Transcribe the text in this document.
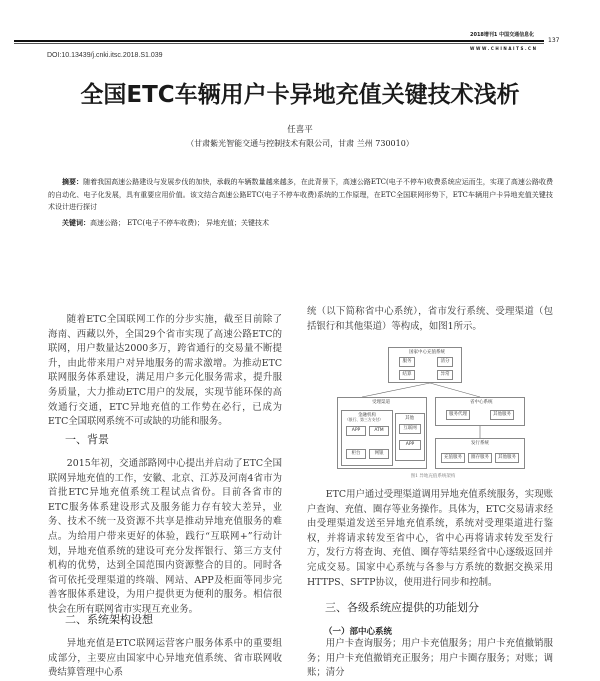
2018增刊1 中国交通信息化
WWW.CHINAITS.CN
137
DOI:10.13439/j.cnki.itsc.2018.S1.039
全国ETC车辆用户卡异地充值关键技术浅析
任喜平
（甘肃紫光智能交通与控制技术有限公司，甘肃 兰州 730010）
摘要：随着我国高速公路建设与发展步伐的加快，承载的车辆数量越来越多，在此背景下，高速公路ETC(电子不停车)收费系统应运而生，实现了高速公路收费的自动化、电子化发展，具有重要应用价值。该文结合高速公路ETC(电子不停车收费)系统的工作原理，在ETC全国联网形势下，ETC车辆用户卡异地充值关键技术设计进行探讨
关键词：高速公路； ETC(电子不停车收费)； 异地充值；关键技术
随着ETC全国联网工作的分步实施，截至目前除了海南、西藏以外，全国29个省市实现了高速公路ETC的联网，用户数量达2000多万，跨省通行的交易量不断提升，由此带来用户对异地服务的需求激增。为推动ETC联网服务体系建设，满足用户多元化服务需求，提升服务质量，大力推动ETC用户的发展，实现节能环保的高效通行交通，ETC异地充值的工作势在必行，已成为ETC全国联网系统不可或缺的功能和服务。
一、背景
2015年初，交通部路网中心提出并启动了ETC全国联网异地充值的工作，安徽、北京、江苏及河南4省市为首批ETC异地充值系统工程试点省份。目前各省市的ETC服务体系建设形式及服务能力存有较大差异，业务、技术不统一及资源不共享是推动异地充值服务的难点。为给用户带来更好的体验，践行“互联网+”行动计划，异地充值系统的建设可充分发挥银行、第三方支付机构的优势，达到全国范围内资源整合的目的。同时各省可依托受理渠道的终端、网站、APP及柜面等同步完善客服体系建设，为用户提供更为便利的服务。相信很快会在所有联网省市实现互充业务。
二、系统架构设想
异地充值是ETC联网运营客户服务体系中的重要组成部分，主要应由国家中心异地充值系统、省市联网收费结算管理中心系
统（以下简称省中心系统），省市发行系统、受理渠道（包括银行和其他渠道）等构成，如图1所示。
国家中心充值系统
服务	清分
结算	异常
受理渠道
金融机构
（银行、第三方支付）
APP	ATM
柜台	网银
其他
互联网
APP
省中心系统
服务代理	其他服务
发行系统
充值服务	圈存服务	其他服务
图1 异地充值系统架构
ETC用户通过受理渠道调用异地充值系统服务，实现账户查询、充值、圈存等业务操作。具体为，ETC交易请求经由受理渠道发送至异地充值系统，系统对受理渠道进行鉴权，并将请求转发至省中心，省中心再将请求转发至发行方，发行方将查询、充值、圈存等结果经省中心逐级返回并完成交易。国家中心系统与各参与方系统的数据交换采用HTTPS、SFTP协议，使用进行同步和控制。
三、各级系统应提供的功能划分
（一）部中心系统
用户卡查询服务；用户卡充值服务；用户卡充值撤销服务；用户卡充值撤销充正服务；用户卡圈存服务；对账；调账；清分
